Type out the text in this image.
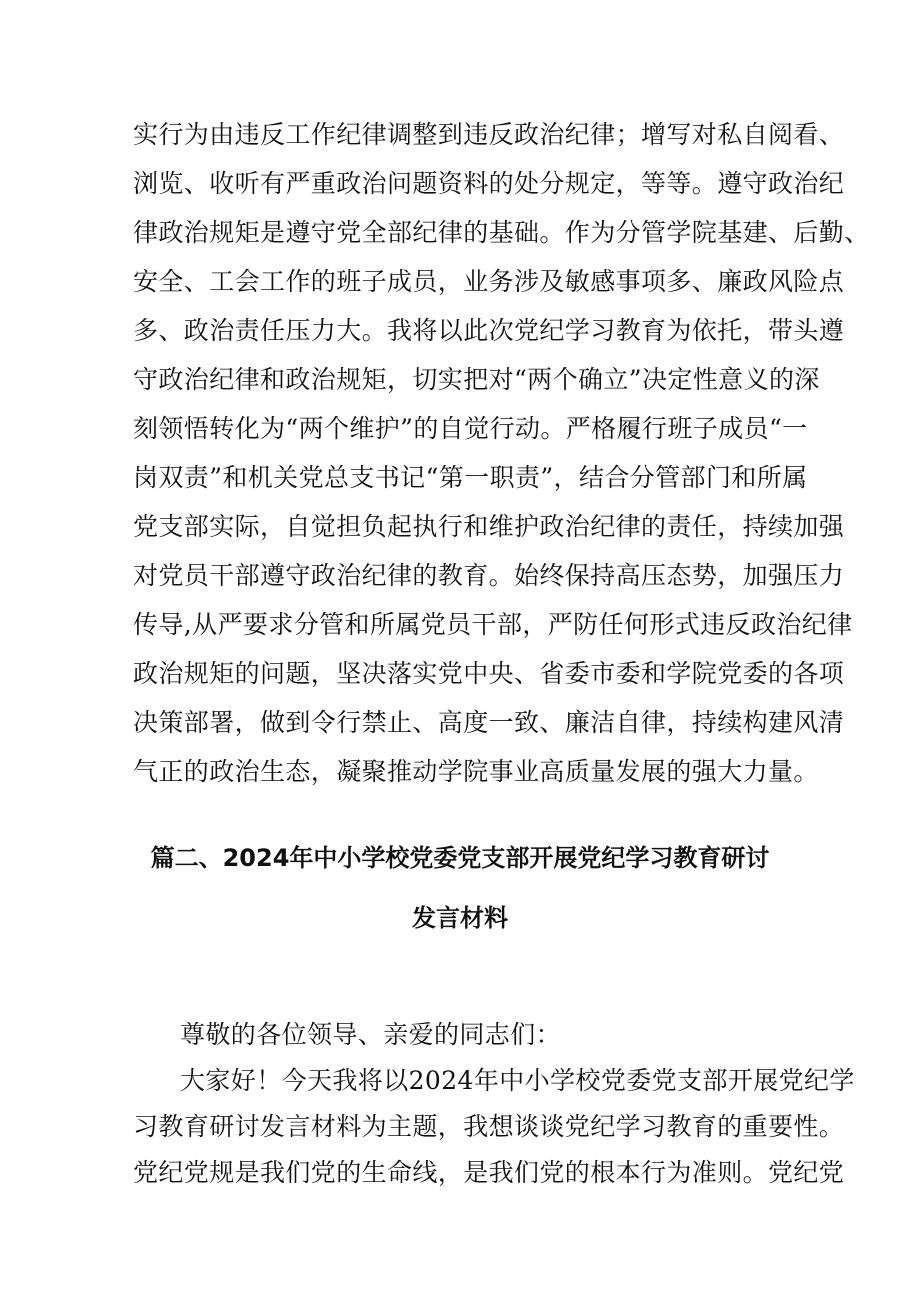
实行为由违反工作纪律调整到违反政治纪律；增写对私自阅看、
浏览、收听有严重政治问题资料的处分规定，等等。遵守政治纪
律政治规矩是遵守党全部纪律的基础。作为分管学院基建、后勤、
安全、工会工作的班子成员，业务涉及敏感事项多、廉政风险点
多、政治责任压力大。我将以此次党纪学习教育为依托，带头遵
守政治纪律和政治规矩，切实把对“两个确立”决定性意义的深
刻领悟转化为“两个维护”的自觉行动。严格履行班子成员“一
岗双责”和机关党总支书记“第一职责”，结合分管部门和所属
党支部实际，自觉担负起执行和维护政治纪律的责任，持续加强
对党员干部遵守政治纪律的教育。始终保持高压态势，加强压力
传导,从严要求分管和所属党员干部，严防任何形式违反政治纪律
政治规矩的问题，坚决落实党中央、省委市委和学院党委的各项
决策部署，做到令行禁止、高度一致、廉洁自律，持续构建风清
气正的政治生态，凝聚推动学院事业高质量发展的强大力量。
篇二、2024年中小学校党委党支部开展党纪学习教育研讨
发言材料
尊敬的各位领导、亲爱的同志们：
大家好！今天我将以2024年中小学校党委党支部开展党纪学
习教育研讨发言材料为主题，我想谈谈党纪学习教育的重要性。
党纪党规是我们党的生命线，是我们党的根本行为准则。党纪党
